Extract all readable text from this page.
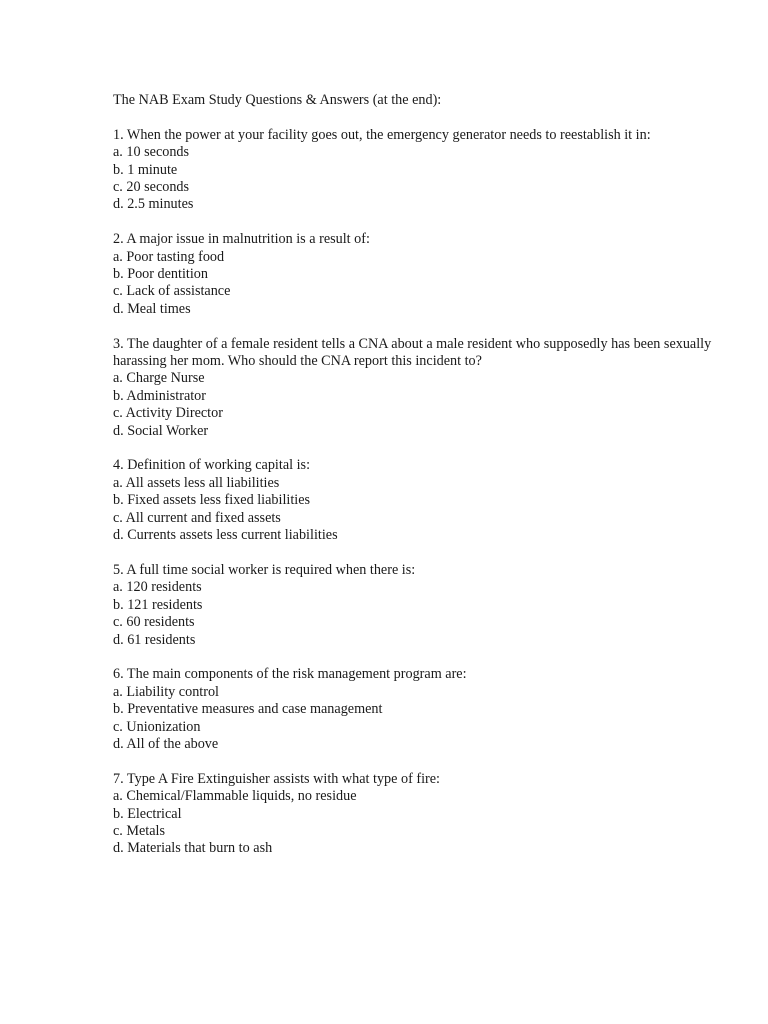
The NAB Exam Study Questions & Answers (at the end):
1. When the power at your facility goes out, the emergency generator needs to reestablish it in:
a. 10 seconds
b. 1 minute
c. 20 seconds
d. 2.5 minutes
2. A major issue in malnutrition is a result of:
a. Poor tasting food
b. Poor dentition
c. Lack of assistance
d. Meal times
3. The daughter of a female resident tells a CNA about a male resident who supposedly has been sexually harassing her mom. Who should the CNA report this incident to?
a. Charge Nurse
b. Administrator
c. Activity Director
d. Social Worker
4. Definition of working capital is:
a. All assets less all liabilities
b. Fixed assets less fixed liabilities
c. All current and fixed assets
d. Currents assets less current liabilities
5. A full time social worker is required when there is:
a. 120 residents
b. 121 residents
c. 60 residents
d. 61 residents
6. The main components of the risk management program are:
a. Liability control
b. Preventative measures and case management
c. Unionization
d. All of the above
7. Type A Fire Extinguisher assists with what type of fire:
a. Chemical/Flammable liquids, no residue
b. Electrical
c. Metals
d. Materials that burn to ash
